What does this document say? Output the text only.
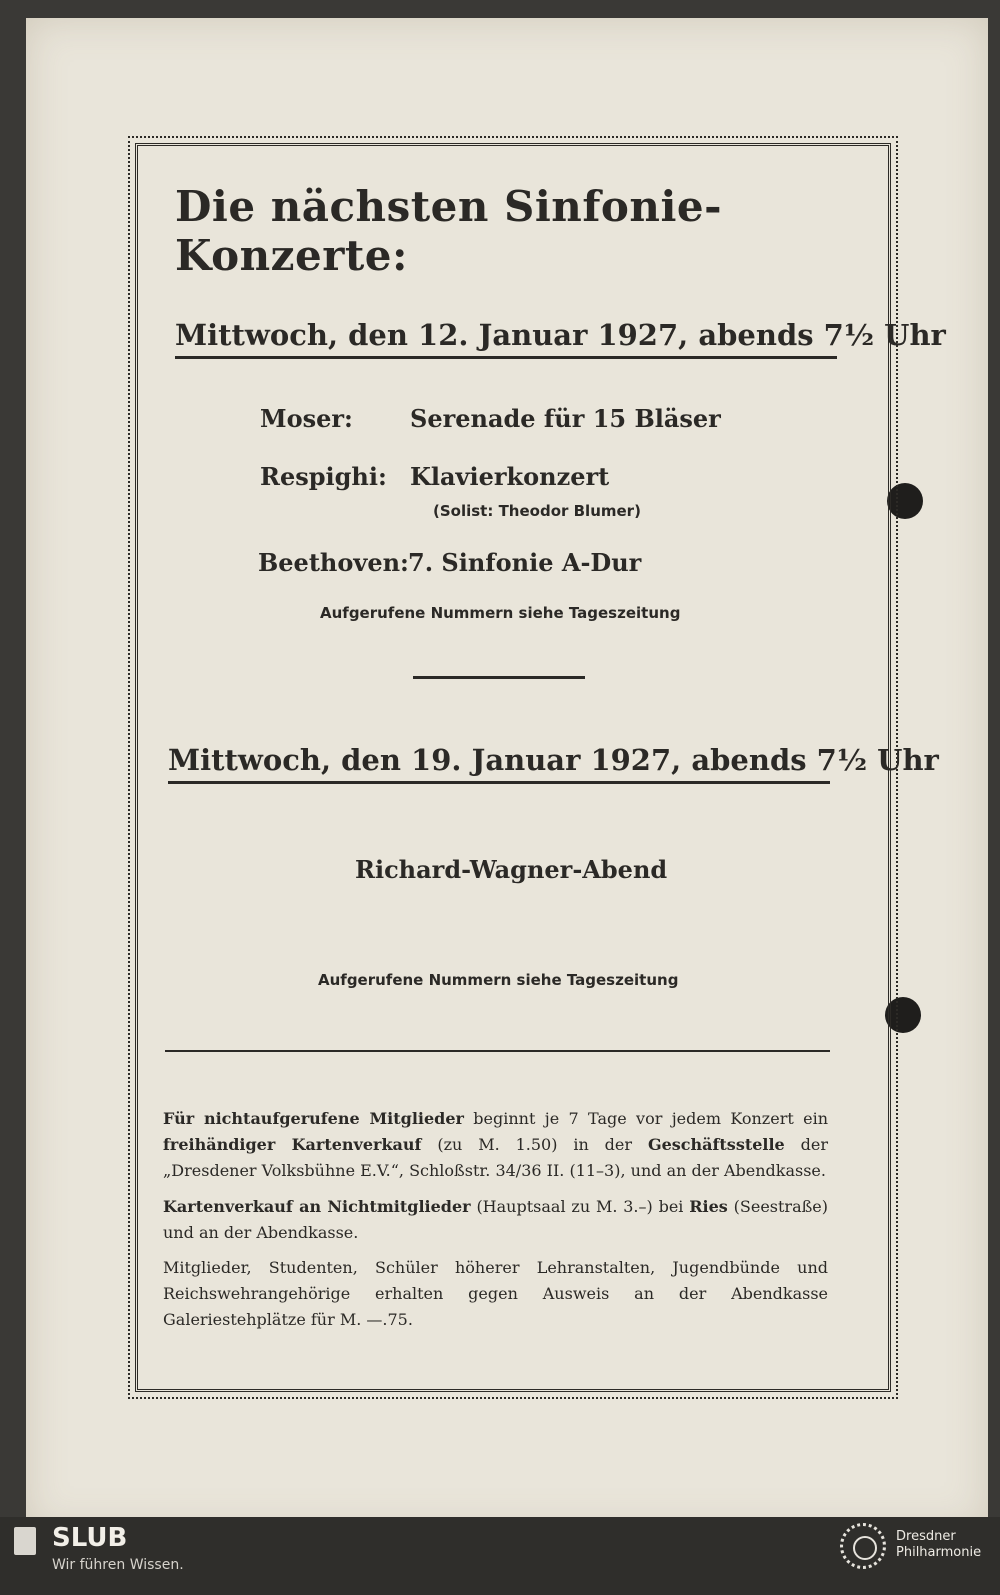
Die nächsten Sinfonie-Konzerte:
Mittwoch, den 12. Januar 1927, abends 7½ Uhr
Moser: Serenade für 15 Bläser
Respighi: Klavierkonzert
(Solist: Theodor Blumer)
Beethoven:7. Sinfonie A-Dur
Aufgerufene Nummern siehe Tageszeitung
Mittwoch, den 19. Januar 1927, abends 7½ Uhr
Richard-Wagner-Abend
Aufgerufene Nummern siehe Tageszeitung
Für nichtaufgerufene Mitglieder beginnt je 7 Tage vor jedem Konzert ein freihändiger Kartenverkauf (zu M. 1.50) in der Geschäftsstelle der „Dresdener Volksbühne E.V.“, Schloßstr. 34/36 II. (11–3), und an der Abendkasse.
Kartenverkauf an Nichtmitglieder (Hauptsaal zu M. 3.–) bei Ries (Seestraße) und an der Abendkasse.
Mitglieder, Studenten, Schüler höherer Lehranstalten, Jugendbünde und Reichswehrangehörige erhalten gegen Ausweis an der Abendkasse Galeriestehplätze für M. —.75.
SLUB
Wir führen Wissen.
Dresdner
Philharmonie
